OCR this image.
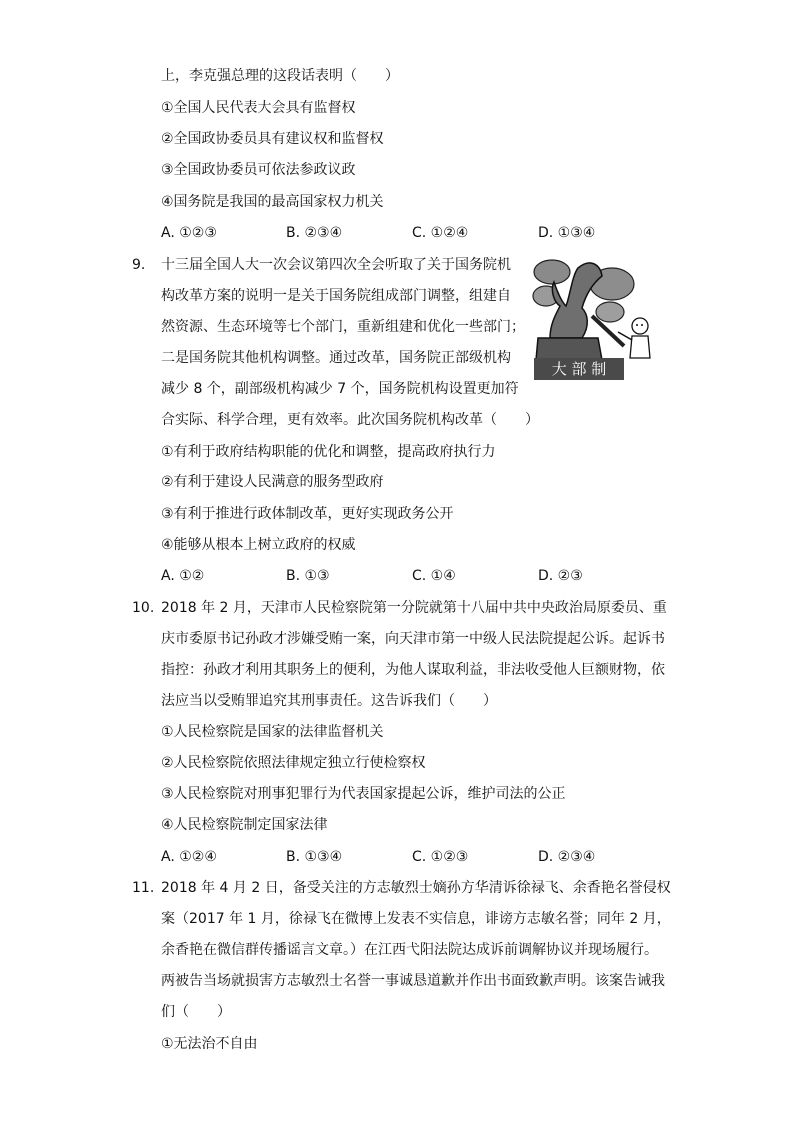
上，李克强总理的这段话表明（　　）
①全国人民代表大会具有监督权
②全国政协委员具有建议权和监督权
③全国政协委员可依法参政议政
④国务院是我国的最高国家权力机关
A. ①②③	B. ②③④	C. ①②④	D. ①③④
9. 十三届全国人大一次会议第四次全会听取了关于国务院机
构改革方案的说明一是关于国务院组成部门调整，组建自
然资源、生态环境等七个部门，重新组建和优化一些部门；
二是国务院其他机构调整。通过改革，国务院正部级机构
减少 8 个，副部级机构减少 7 个，国务院机构设置更加符
合实际、科学合理，更有效率。此次国务院机构改革（　　）
大 部 制
①有利于政府结构职能的优化和调整，提高政府执行力
②有利于建设人民满意的服务型政府
③有利于推进行政体制改革，更好实现政务公开
④能够从根本上树立政府的权威
A. ①②	B. ①③	C. ①④	D. ②③
10. 2018 年 2 月，天津市人民检察院第一分院就第十八届中共中央政治局原委员、重
庆市委原书记孙政才涉嫌受贿一案，向天津市第一中级人民法院提起公诉。起诉书
指控：孙政才利用其职务上的便利，为他人谋取利益，非法收受他人巨额财物，依
法应当以受贿罪追究其刑事责任。这告诉我们（　　）
①人民检察院是国家的法律监督机关
②人民检察院依照法律规定独立行使检察权
③人民检察院对刑事犯罪行为代表国家提起公诉，维护司法的公正
④人民检察院制定国家法律
A. ①②④	B. ①③④	C. ①②③	D. ②③④
11. 2018 年 4 月 2 日，备受关注的方志敏烈士嫡孙方华清诉徐禄飞、余香艳名誉侵权
案（2017 年 1 月，徐禄飞在微博上发表不实信息，诽谤方志敏名誉；同年 2 月，
余香艳在微信群传播谣言文章。）在江西弋阳法院达成诉前调解协议并现场履行。
两被告当场就损害方志敏烈士名誉一事诚恳道歉并作出书面致歉声明。该案告诫我
们（　　）
①无法治不自由
